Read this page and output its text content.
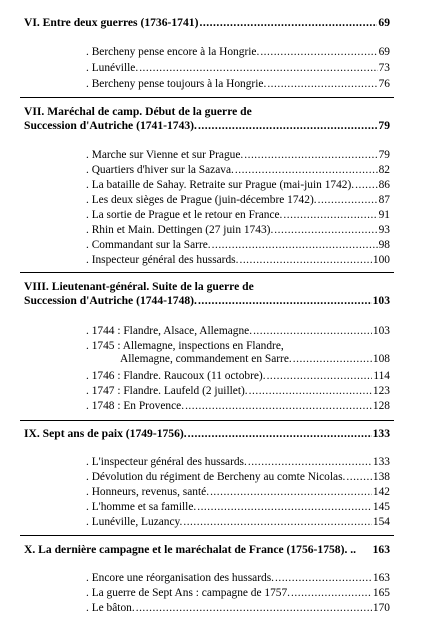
VI. Entre deux guerres (1736-1741) .....	69
. Bercheny pense encore à la Hongrie. .....	69
. Lunéville. .....	73
. Bercheny pense toujours à la Hongrie. .....	76
VII. Maréchal de camp. Début de la guerre de
Succession d'Autriche (1741-1743). .....	79
. Marche sur Vienne et sur Prague. .....	79
. Quartiers d'hiver sur la Sazava. .....	82
. La bataille de Sahay. Retraite sur Prague (mai-juin 1742). ..... 86
. Les deux sièges de Prague (juin-décembre 1742). .....	87
. La sortie de Prague et le retour en France. .....	91
. Rhin et Main. Dettingen (27 juin 1743). .....	93
. Commandant sur la Sarre. .....	98
. Inspecteur général des hussards. .....	100
VIII. Lieutenant-général. Suite de la guerre de
Succession d'Autriche (1744-1748). .....	103
. 1744 : Flandre, Alsace, Allemagne. .....	103
. 1745 : Allemagne, inspections en Flandre,
Allemagne, commandement en Sarre. .....	108
. 1746 : Flandre. Raucoux (11 octobre). .....	114
. 1747 : Flandre. Laufeld (2 juillet). .....	123
. 1748 : En Provence. .....	128
IX. Sept ans de paix (1749-1756). .....	133
. L'inspecteur général des hussards. .....	133
. Dévolution du régiment de Bercheny au comte Nicolas. ..... 138
. Honneurs, revenus, santé. .....	142
. L'homme et sa famille. .....	145
. Lunéville, Luzancy. .....	154
X. La dernière campagne et le maréchalat de France (1756-1758). .. 163
. Encore une réorganisation des hussards. .....	163
. La guerre de Sept Ans : campagne de 1757. .....	165
. Le bâton. .....	170
